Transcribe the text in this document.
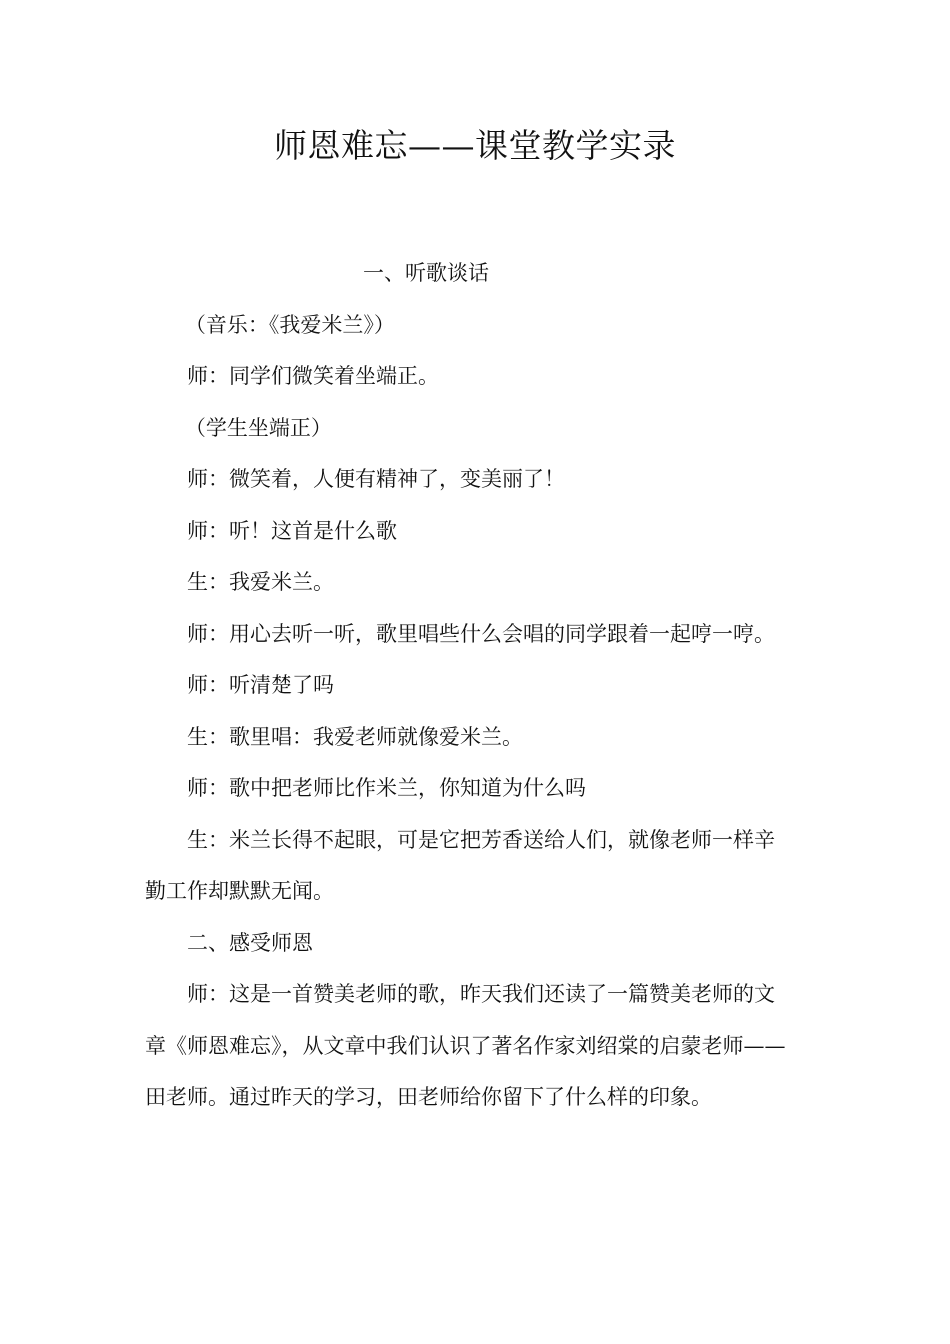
师恩难忘——课堂教学实录

一、听歌谈话

（音乐：《我爱米兰》）

师：同学们微笑着坐端正。

（学生坐端正）

师：微笑着，人便有精神了，变美丽了！

师：听！这首是什么歌

生：我爱米兰。

师：用心去听一听，歌里唱些什么会唱的同学跟着一起哼一哼。

师：听清楚了吗

生：歌里唱：我爱老师就像爱米兰。

师：歌中把老师比作米兰，你知道为什么吗

生：米兰长得不起眼，可是它把芳香送给人们，就像老师一样辛勤工作却默默无闻。

二、感受师恩

师：这是一首赞美老师的歌，昨天我们还读了一篇赞美老师的文章《师恩难忘》，从文章中我们认识了著名作家刘绍棠的启蒙老师——田老师。通过昨天的学习，田老师给你留下了什么样的印象。
